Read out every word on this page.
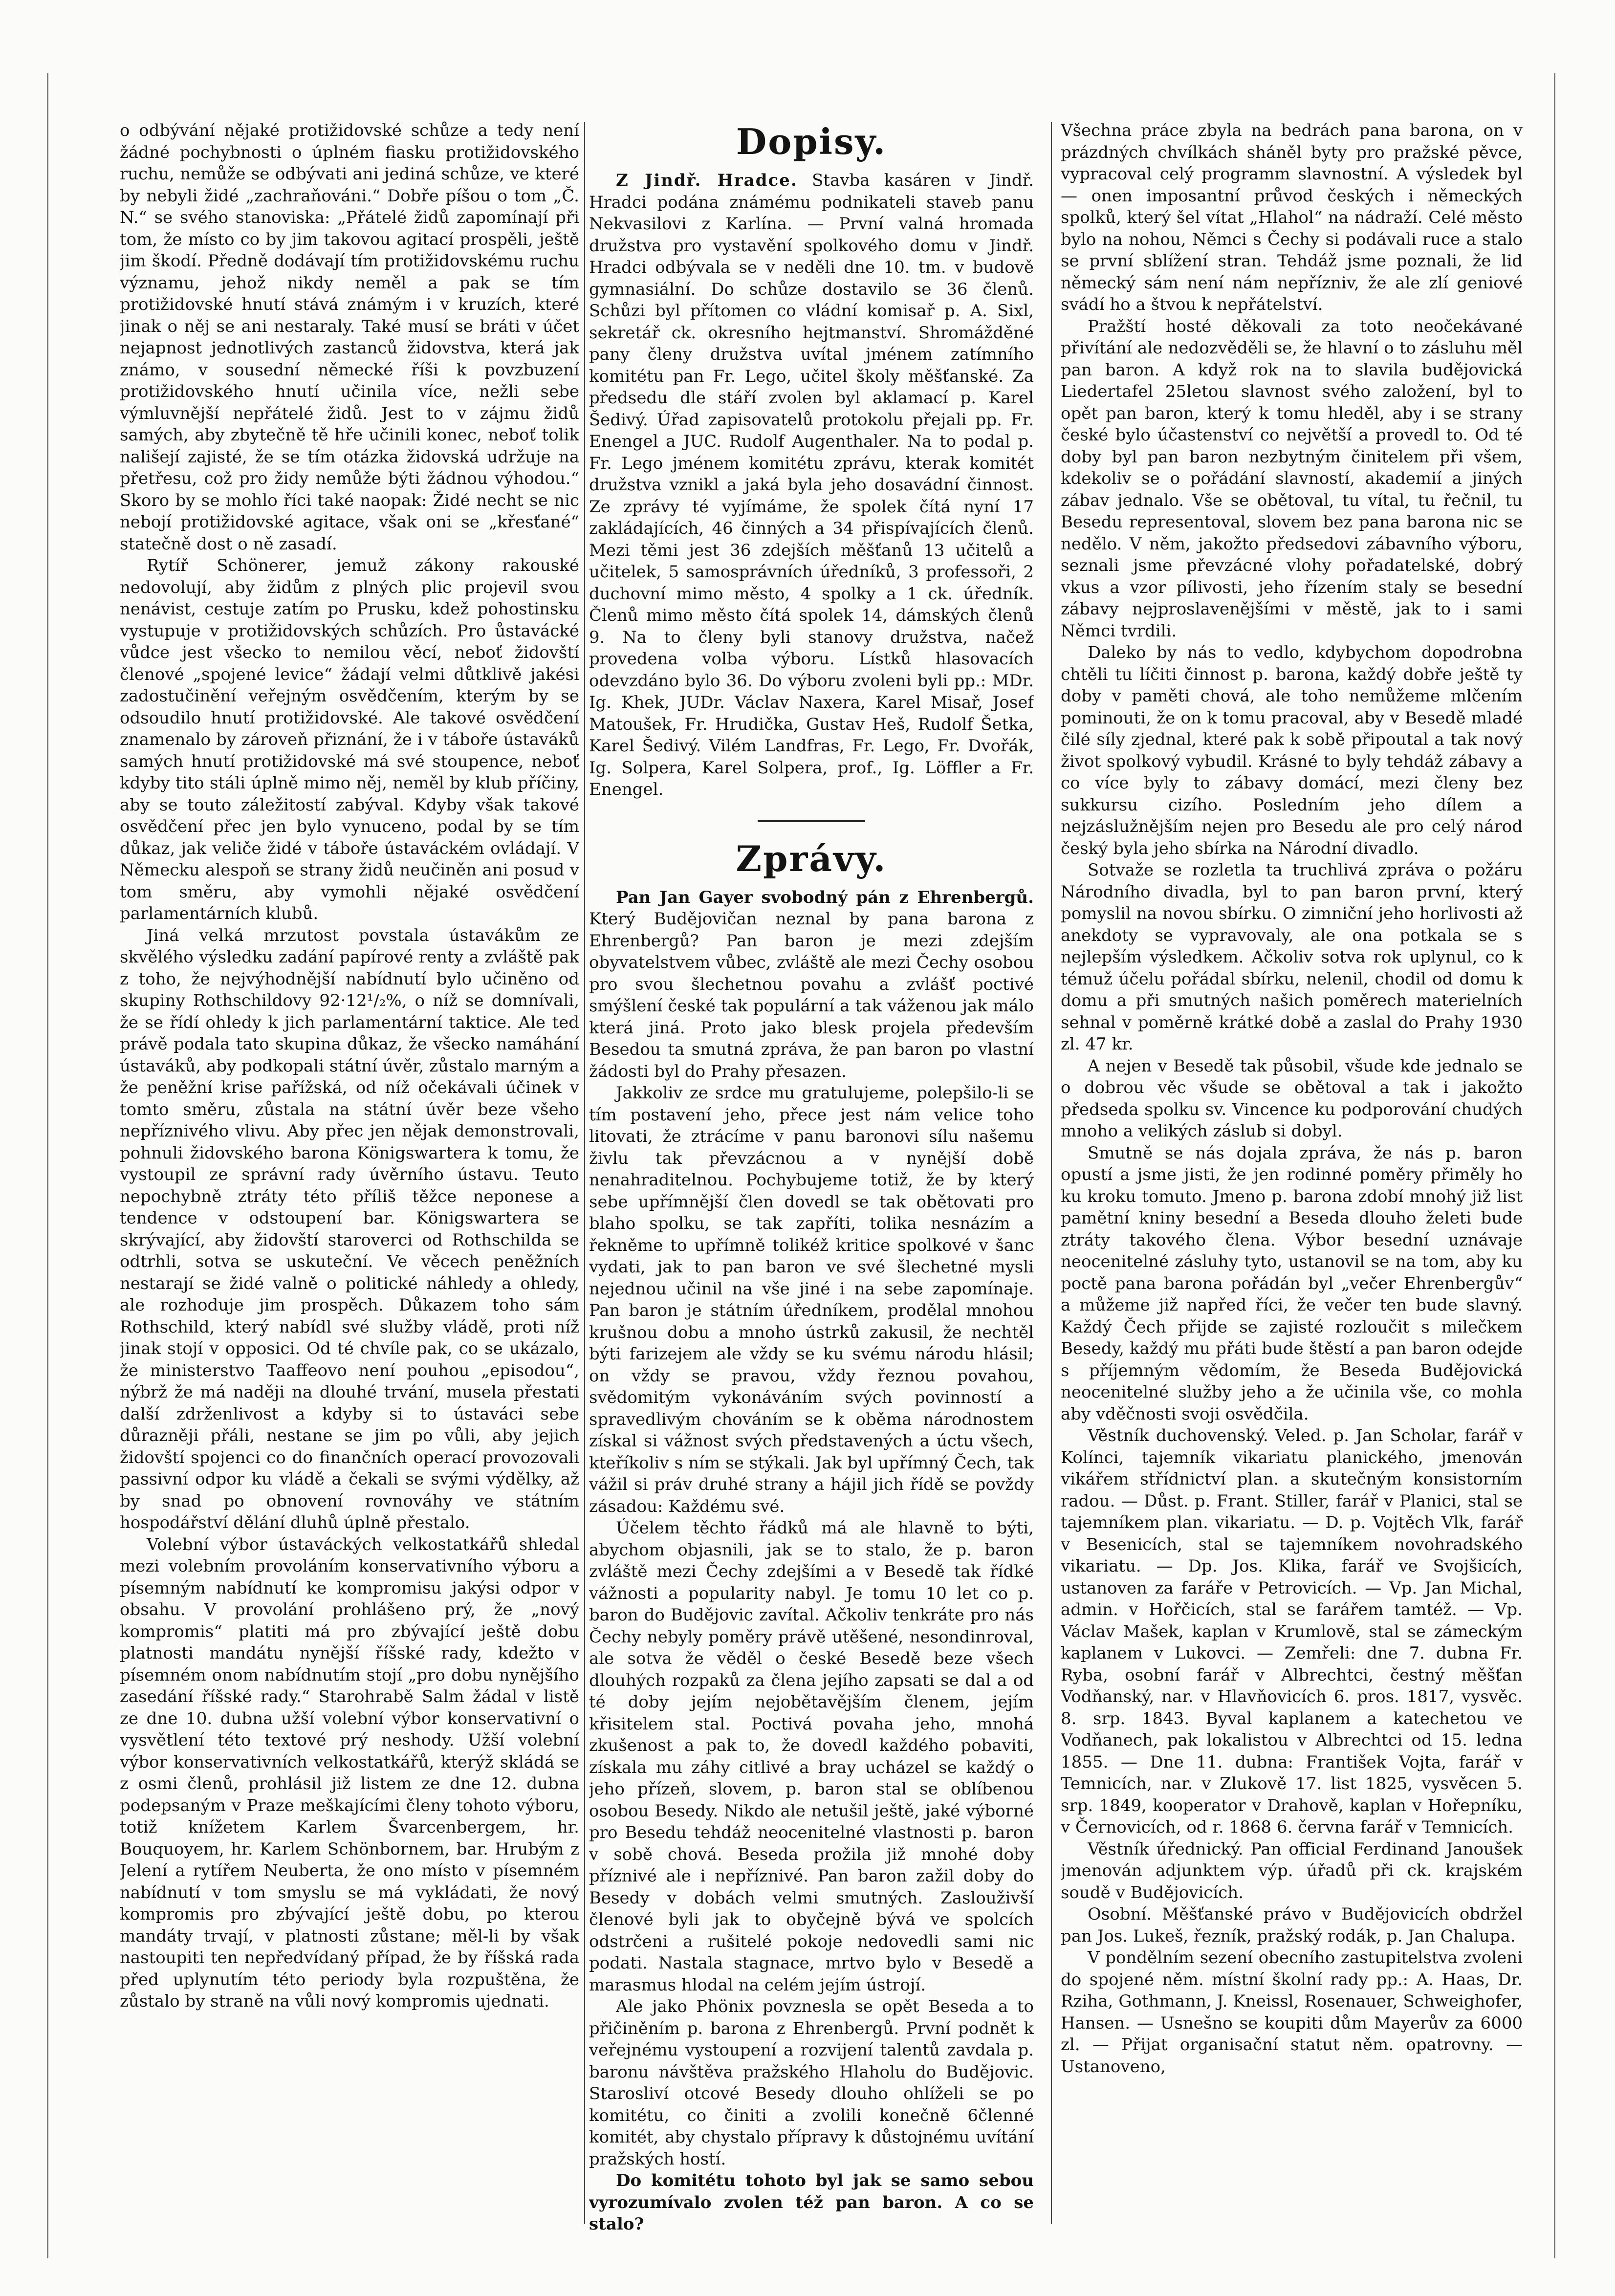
o odbývání nějaké protižidovské schůze a tedy není žádné pochybnosti o úplném fiasku protižidovského ruchu, nemůže se odbývati ani jediná schůze, ve které by nebyli židé „zachraňováni.“ Dobře píšou o tom „Č. N.“ se svého stanoviska: „Přátelé židů zapomínají při tom, že místo co by jim takovou agitací prospěli, ještě jim škodí. Předně dodávají tím protižidovskému ruchu významu, jehož nikdy neměl a pak se tím protižidovské hnutí stává známým i v kruzích, které jinak o něj se ani nestaraly. Také musí se bráti v účet nejapnost jednotlivých zastanců židovstva, která jak známo, v sousední německé říši k povzbuzení protižidovského hnutí učinila více, nežli sebe výmluvnější nepřátelé židů. Jest to v zájmu židů samých, aby zbytečně tě hře učinili konec, neboť tolik nališejí zajisté, že se tím otázka židovská udržuje na přetřesu, což pro židy nemůže býti žádnou výhodou.“ Skoro by se mohlo říci také naopak: Židé necht se nic nebojí protižidovské agitace, však oni se „křesťané“ statečně dost o ně zasadí.

Rytíř Schönerer, jemuž zákony rakouské nedovolují, aby židům z plných plic projevil svou nenávist, cestuje zatím po Prusku, kdež pohostinsku vystupuje v protižidovských schůzích. Pro ůstavácké vůdce jest všecko to nemilou věcí, neboť židovští členové „spojené levice“ žádají velmi důtklivě jakési zadostučinění veřejným osvědčením, kterým by se odsoudilo hnutí protižidovské. Ale takové osvědčení znamenalo by zároveň přiznání, že i v táboře ústaváků samých hnutí protižidovské má své stoupence, neboť kdyby tito stáli úplně mimo něj, neměl by klub příčiny, aby se touto záležitostí zabýval. Kdyby však takové osvědčení přec jen bylo vynuceno, podal by se tím důkaz, jak veliče židé v táboře ústaváckém ovládají. V Německu alespoň se strany židů neučiněn ani posud v tom směru, aby vymohli nějaké osvědčení parlamentárních klubů.

Jiná velká mrzutost povstala ústavákům ze skvělého výsledku zadání papírové renty a zvláště pak z toho, že nejvýhodnější nabídnutí bylo učiněno od skupiny Rothschildovy 92·12¹/₂%, o níž se domnívali, že se řídí ohledy k jich parlamentární taktice. Ale teď právě podala tato skupina důkaz, že všecko namáhání ústaváků, aby podkopali státní úvěr, zůstalo marným a že peněžní krise pařížská, od níž očekávali účinek v tomto směru, zůstala na státní úvěr beze všeho nepříznivého vlivu. Aby přec jen nějak demonstrovali, pohnuli židovského barona Königswartera k tomu, že vystoupil ze správní rady úvěrního ústavu. Teuto nepochybně ztráty této příliš těžce neponese a tendence v odstoupení bar. Königswartera se skrývající, aby židovští staroverci od Rothschilda se odtrhli, sotva se uskuteční. Ve věcech peněžních nestarají se židé valně o politické náhledy a ohledy, ale rozhoduje jim prospěch. Důkazem toho sám Rothschild, který nabídl své služby vládě, proti níž jinak stojí v opposici. Od té chvíle pak, co se ukázalo, že ministerstvo Taaffeovo není pouhou „episodou“, nýbrž že má naději na dlouhé trvání, musela přestati další zdrženlivost a kdyby si to ústaváci sebe důrazněji přáli, nestane se jim po vůli, aby jejich židovští spojenci co do finančních operací provozovali passivní odpor ku vládě a čekali se svými výdělky, až by snad po obnovení rovnováhy ve státním hospodářství dělání dluhů úplně přestalo.

Volební výbor ústaváckých velkostatkářů shledal mezi volebním provoláním konservativního výboru a písemným nabídnutí ke kompromisu jakýsi odpor v obsahu. V provolání prohlášeno prý, že „nový kompromis“ platiti má pro zbývající ještě dobu platnosti mandátu nynější říšské rady, kdežto v písemném onom nabídnutím stojí „pro dobu nynějšího zasedání říšské rady.“ Starohrabě Salm žádal v listě ze dne 10. dubna užší volební výbor konservativní o vysvětlení této textové prý neshody. Užší volební výbor konservativních velkostatkářů, kterýž skládá se z osmi členů, prohlásil již listem ze dne 12. dubna podepsaným v Praze meškajícími členy tohoto výboru, totiž knížetem Karlem Švarcenbergem, hr. Bouquoyem, hr. Karlem Schönbornem, bar. Hrubým z Jelení a rytířem Neuberta, že ono místo v písemném nabídnutí v tom smyslu se má vykládati, že nový kompromis pro zbývající ještě dobu, po kterou mandáty trvají, v platnosti zůstane; měl-li by však nastoupiti ten nepředvídaný případ, že by říšská rada před uplynutím této periody byla rozpuštěna, že zůstalo by straně na vůli nový kompromis ujednati.

Dopisy.

Z Jindř. Hradce. Stavba kasáren v Jindř. Hradci podána známému podnikateli staveb panu Nekvasilovi z Karlína. — První valná hromada družstva pro vystavění spolkového domu v Jindř. Hradci odbývala se v neděli dne 10. tm. v budově gymnasiální. Do schůze dostavilo se 36 členů. Schůzi byl přítomen co vládní komisař p. A. Sixl, sekretář ck. okresního hejtmanství. Shromážděné pany členy družstva uvítal jménem zatímního komitétu pan Fr. Lego, učitel školy měšťanské. Za předsedu dle stáří zvolen byl aklamací p. Karel Šedivý. Úřad zapisovatelů protokolu přejali pp. Fr. Enengel a JUC. Rudolf Augenthaler. Na to podal p. Fr. Lego jménem komitétu zprávu, kterak komitét družstva vznikl a jaká byla jeho dosavádní činnost. Ze zprávy té vyjímáme, že spolek čítá nyní 17 zakládajících, 46 činných a 34 přispívajících členů. Mezi těmi jest 36 zdejších měšťanů 13 učitelů a učitelek, 5 samosprávních úředníků, 3 professoři, 2 duchovní mimo město, 4 spolky a 1 ck. úředník. Členů mimo město čítá spolek 14, dámských členů 9. Na to členy byli stanovy družstva, načež provedena volba výboru. Lístků hlasovacích odevzdáno bylo 36. Do výboru zvoleni byli pp.: MDr. Ig. Khek, JUDr. Václav Naxera, Karel Misař, Josef Matoušek, Fr. Hrudička, Gustav Heš, Rudolf Šetka, Karel Šedivý. Vilém Landfras, Fr. Lego, Fr. Dvořák, Ig. Solpera, Karel Solpera, prof., Ig. Löffler a Fr. Enengel.

Zprávy.

Pan Jan Gayer svobodný pán z Ehrenbergů. Který Budějovičan neznal by pana barona z Ehrenbergů? Pan baron je mezi zdejším obyvatelstvem vůbec, zvláště ale mezi Čechy osobou pro svou šlechetnou povahu a zvlášť poctivé smýšlení české tak populární a tak váženou jak málo která jiná. Proto jako blesk projela především Besedou ta smutná zpráva, že pan baron po vlastní žádosti byl do Prahy přesazen.

Jakkoliv ze srdce mu gratulujeme, polepšilo-li se tím postavení jeho, přece jest nám velice toho litovati, že ztrácíme v panu baronovi sílu našemu živlu tak převzácnou a v nynější době nenahraditelnou. Pochybujeme totiž, že by který sebe upřímnější člen dovedl se tak obětovati pro blaho spolku, se tak zapříti, tolika nesnázím a řekněme to upřímně tolikéž kritice spolkové v šanc vydati, jak to pan baron ve své šlechetné mysli nejednou učinil na vše jiné i na sebe zapomínaje. Pan baron je státním úředníkem, prodělal mnohou krušnou dobu a mnoho ústrků zakusil, že nechtěl býti farizejem ale vždy se ku svému národu hlásil; on vždy se pravou, vždy řeznou povahou, svědomitým vykonáváním svých povinností a spravedlivým chováním se k oběma národnostem získal si vážnost svých představených a úctu všech, kteříkoliv s ním se stýkali. Jak byl upřímný Čech, tak vážil si práv druhé strany a hájil jich řídě se povždy zásadou: Každému své.

Účelem těchto řádků má ale hlavně to býti, abychom objasnili, jak se to stalo, že p. baron zvláště mezi Čechy zdejšími a v Besedě tak řídké vážnosti a popularity nabyl. Je tomu 10 let co p. baron do Budějovic zavítal. Ačkoliv tenkráte pro nás Čechy nebyly poměry právě utěšené, nesondinroval, ale sotva že věděl o české Besedě beze všech dlouhých rozpaků za člena jejího zapsati se dal a od té doby jejím nejobětavějším členem, jejím křisitelem stal. Poctivá povaha jeho, mnohá zkušenost a pak to, že dovedl každého pobaviti, získala mu záhy citlivé a bray ucházel se každý o jeho přízeň, slovem, p. baron stal se oblíbenou osobou Besedy. Nikdo ale netušil ještě, jaké výborné pro Besedu tehdáž neocenitelné vlastnosti p. baron v sobě chová. Beseda prožila již mnohé doby příznivé ale i nepříznivé. Pan baron zažil doby do Besedy v dobách velmi smutných. Zaslouživší členové byli jak to obyčejně bývá ve spolcích odstrčeni a rušitelé pokoje nedovedli sami nic podati. Nastala stagnace, mrtvo bylo v Besedě a marasmus hlodal na celém jejím ústrojí.

Ale jako Phönix povznesla se opět Beseda a to přičiněním p. barona z Ehrenbergů. První podnět k veřejnému vystoupení a rozvijení talentů zavdala p. baronu návštěva pražského Hlaholu do Budějovic. Starosliví otcové Besedy dlouho ohlíželi se po komitétu, co činiti a zvolili konečně 6členné komitét, aby chystalo přípravy k důstojnému uvítání pražských hostí.

Do komitétu tohoto byl jak se samo sebou vyrozumívalo zvolen též pan baron. A co se stalo?

Všechna práce zbyla na bedrách pana barona, on v prázdných chvílkách sháněl byty pro pražské pěvce, vypracoval celý programm slavnostní. A výsledek byl — onen imposantní průvod českých i německých spolků, který šel vítat „Hlahol“ na nádraží. Celé město bylo na nohou, Němci s Čechy si podávali ruce a stalo se první sblížení stran. Tehdáž jsme poznali, že lid německý sám není nám nepřízniv, že ale zlí geniové svádí ho a štvou k nepřátelství.

Pražští hosté děkovali za toto neočekávané přivítání ale nedozvěděli se, že hlavní o to zásluhu měl pan baron. A když rok na to slavila budějovická Liedertafel 25letou slavnost svého založení, byl to opět pan baron, který k tomu hleděl, aby i se strany české bylo účastenství co největší a provedl to. Od té doby byl pan baron nezbytným činitelem při všem, kdekoliv se o pořádání slavností, akademií a jiných zábav jednalo. Vše se obětoval, tu vítal, tu řečnil, tu Besedu representoval, slovem bez pana barona nic se nedělo. V něm, jakožto předsedovi zábavního výboru, seznali jsme převzácné vlohy pořadatelské, dobrý vkus a vzor pílivosti, jeho řízením staly se besední zábavy nejproslavenějšími v městě, jak to i sami Němci tvrdili.

Daleko by nás to vedlo, kdybychom dopodrobna chtěli tu líčiti činnost p. barona, každý dobře ještě ty doby v paměti chová, ale toho nemůžeme mlčením pominouti, že on k tomu pracoval, aby v Besedě mladé čilé síly zjednal, které pak k sobě připoutal a tak nový život spolkový vybudil. Krásné to byly tehdáž zábavy a co více byly to zábavy domácí, mezi členy bez sukkursu cizího. Posledním jeho dílem a nejzáslužnějším nejen pro Besedu ale pro celý národ český byla jeho sbírka na Národní divadlo.

Sotvaže se rozletla ta truchlivá zpráva o požáru Národního divadla, byl to pan baron první, který pomyslil na novou sbírku. O zimniční jeho horlivosti až anekdoty se vypravovaly, ale ona potkala se s nejlepším výsledkem. Ačkoliv sotva rok uplynul, co k témuž účelu pořádal sbírku, nelenil, chodil od domu k domu a při smutných našich poměrech materielních sehnal v poměrně krátké době a zaslal do Prahy 1930 zl. 47 kr.

A nejen v Besedě tak působil, všude kde jednalo se o dobrou věc všude se obětoval a tak i jakožto předseda spolku sv. Vincence ku podporování chudých mnoho a velikých záslub si dobyl.

Smutně se nás dojala zpráva, že nás p. baron opustí a jsme jisti, že jen rodinné poměry přiměly ho ku kroku tomuto. Jmeno p. barona zdobí mnohý již list pamětní kniny besední a Beseda dlouho želeti bude ztráty takového člena. Výbor besední uznávaje neocenitelné zásluhy tyto, ustanovil se na tom, aby ku poctě pana barona pořádán byl „večer Ehrenbergův“ a můžeme již napřed říci, že večer ten bude slavný. Každý Čech přijde se zajisté rozloučit s milečkem Besedy, každý mu přáti bude štěstí a pan baron odejde s příjemným vědomím, že Beseda Budějovická neocenitelné služby jeho a že učinila vše, co mohla aby vděčnosti svoji osvědčila.

Věstník duchovenský. Veled. p. Jan Scholar, farář v Kolínci, tajemník vikariatu planického, jmenován vikářem střídnictví plan. a skutečným konsistorním radou. — Důst. p. Frant. Stiller, farář v Planici, stal se tajemníkem plan. vikariatu. — D. p. Vojtěch Vlk, farář v Besenicích, stal se tajemníkem novohradského vikariatu. — Dp. Jos. Klika, farář ve Svojšicích, ustanoven za faráře v Petrovicích. — Vp. Jan Michal, admin. v Hořčicích, stal se farářem tamtéž. — Vp. Václav Mašek, kaplan v Krumlově, stal se zámeckým kaplanem v Lukovci. — Zemřeli: dne 7. dubna Fr. Ryba, osobní farář v Albrechtci, čestný měšťan Vodňanský, nar. v Hlavňovicích 6. pros. 1817, vysvěc. 8. srp. 1843. Byval kaplanem a katechetou ve Vodňanech, pak lokalistou v Albrechtci od 15. ledna 1855. — Dne 11. dubna: František Vojta, farář v Temnicích, nar. v Zlukově 17. list 1825, vysvěcen 5. srp. 1849, kooperator v Drahově, kaplan v Hořepníku, v Černovicích, od r. 1868 6. června farář v Temnicích.

Věstník úřednický. Pan official Ferdinand Janoušek jmenován adjunktem výp. úřadů při ck. krajském soudě v Budějovicích.

Osobní. Měšťanské právo v Budějovicích obdržel pan Jos. Lukeš, řezník, pražský rodák, p. Jan Chalupa.

V pondělním sezení obecního zastupitelstva zvoleni do spojené něm. místní školní rady pp.: A. Haas, Dr. Rziha, Gothmann, J. Kneissl, Rosenauer, Schweighofer, Hansen. — Usnešno se koupiti dům Mayerův za 6000 zl. — Přijat organisační statut něm. opatrovny. — Ustanoveno,
